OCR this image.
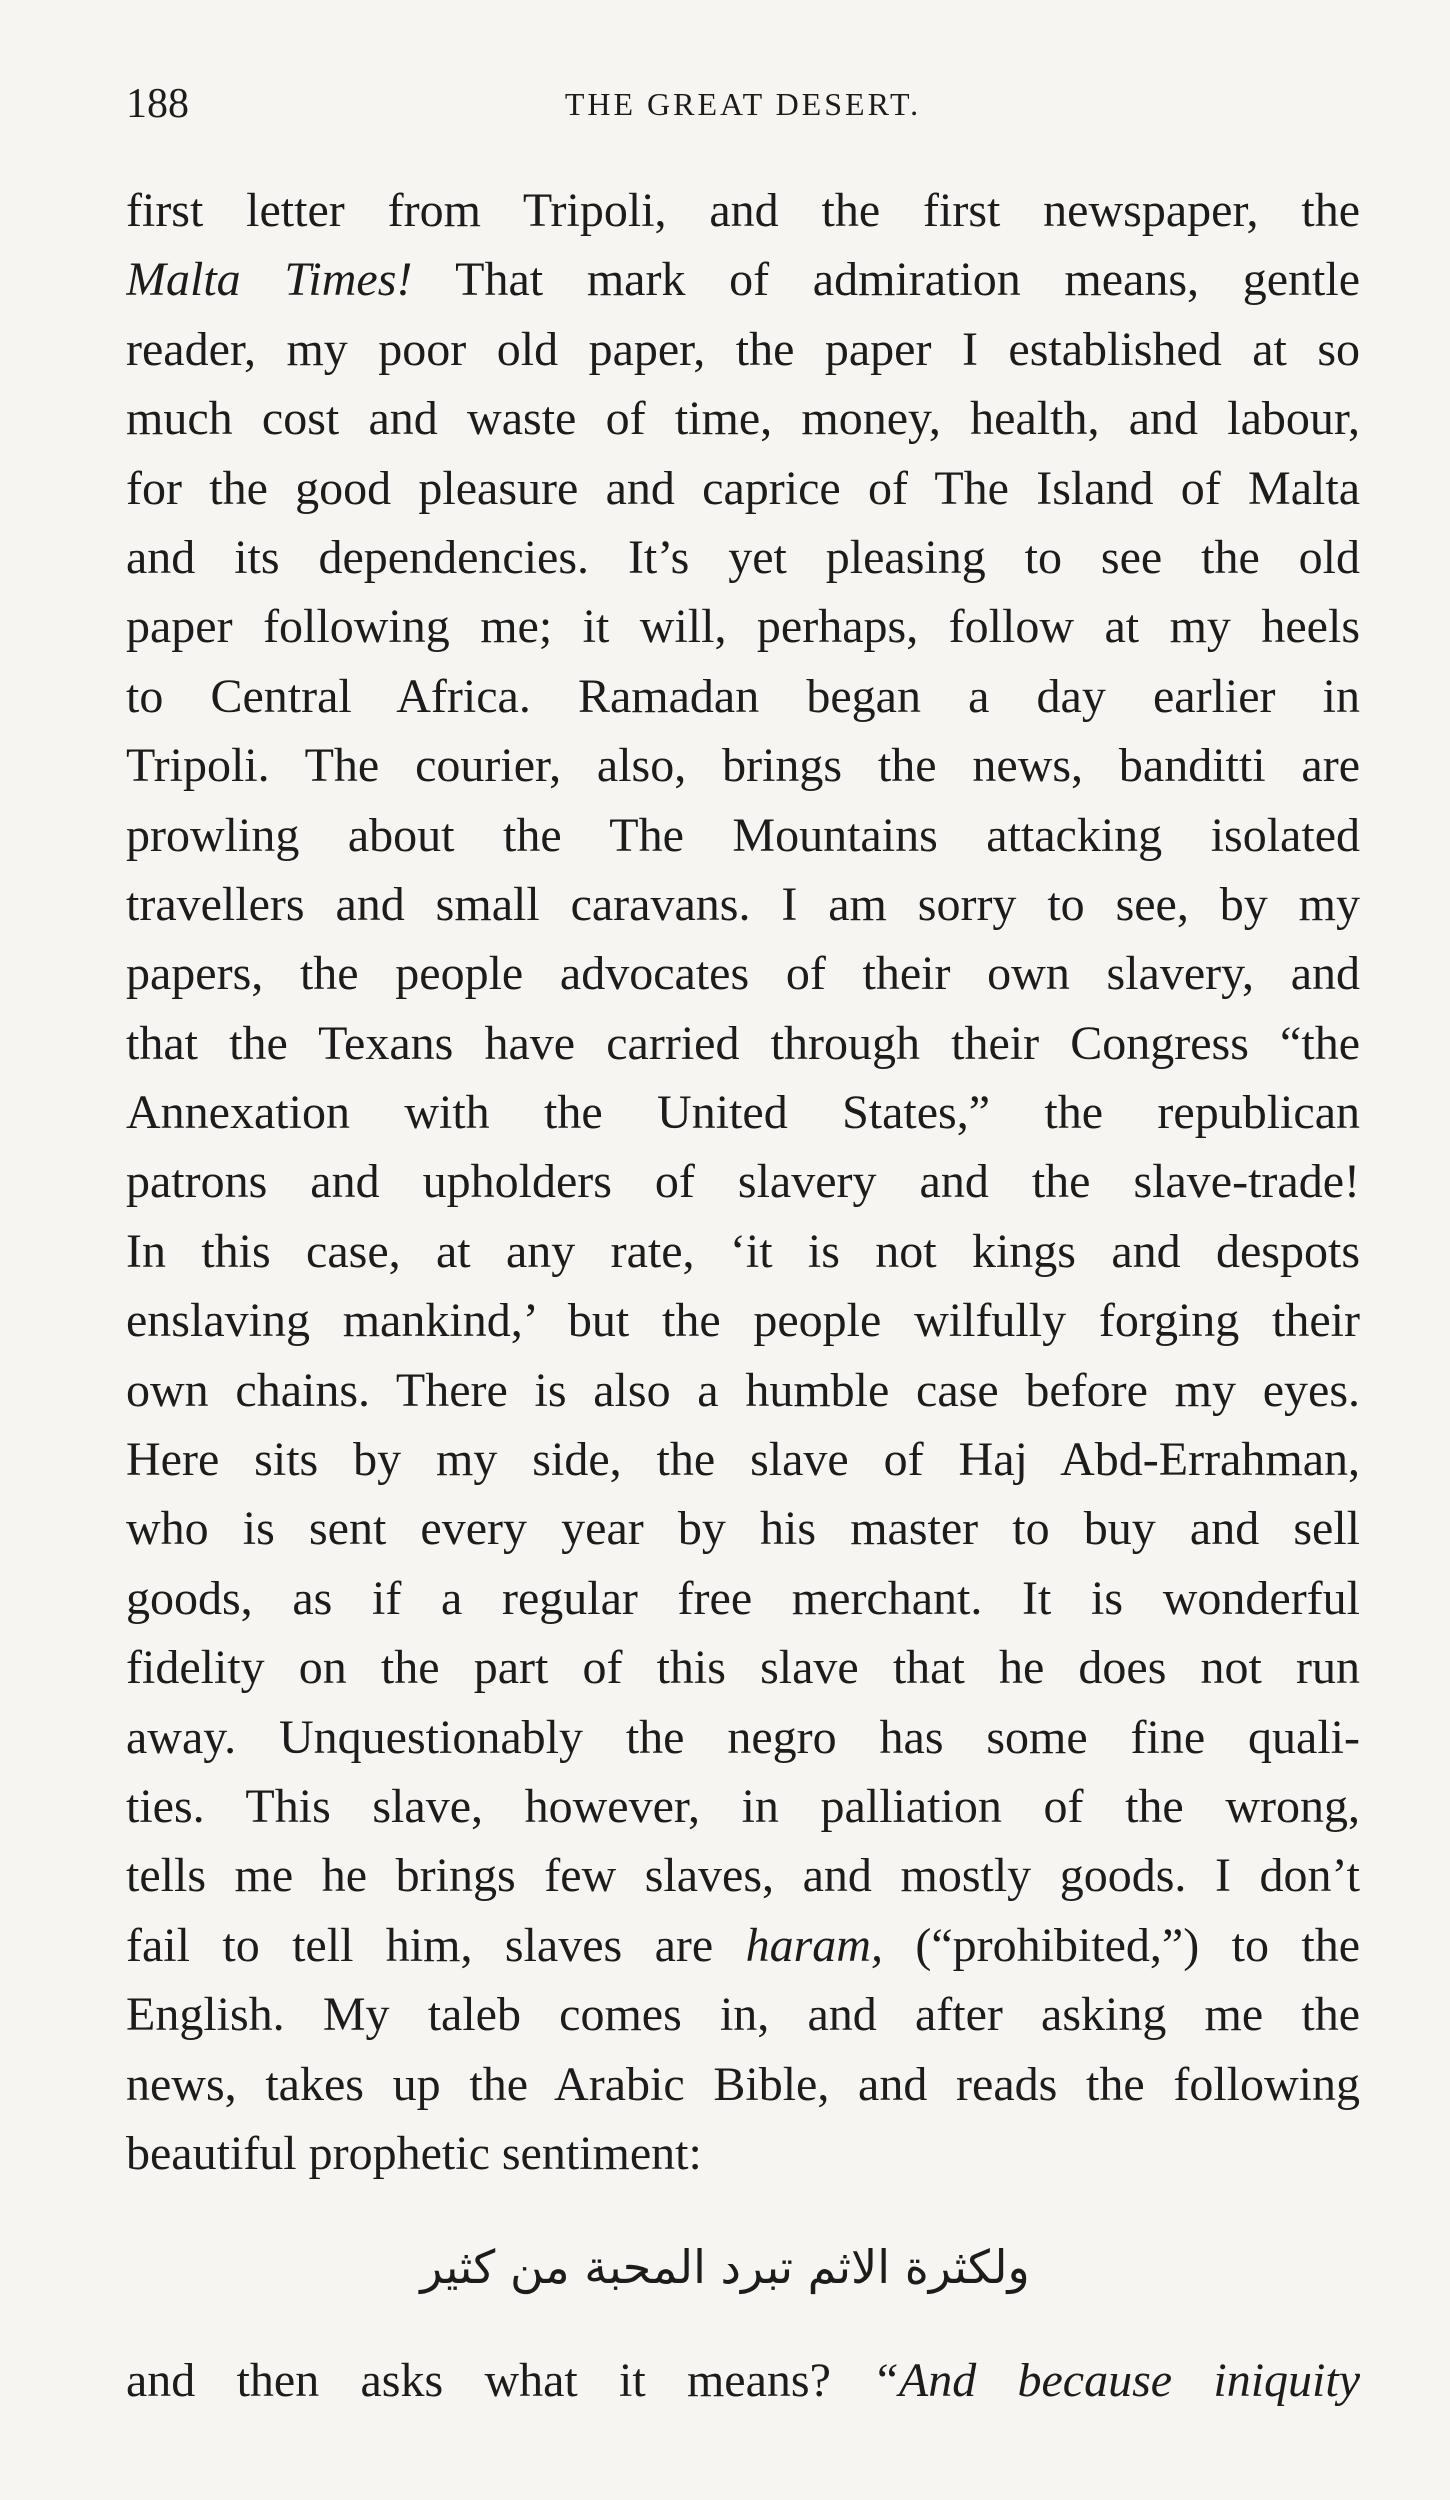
188	THE GREAT DESERT.
first letter from Tripoli, and the first newspaper, the
Malta Times! That mark of admiration means, gentle
reader, my poor old paper, the paper I established at so
much cost and waste of time, money, health, and labour,
for the good pleasure and caprice of The Island of Malta
and its dependencies. It’s yet pleasing to see the old
paper following me; it will, perhaps, follow at my heels
to Central Africa. Ramadan began a day earlier in
Tripoli. The courier, also, brings the news, banditti are
prowling about the The Mountains attacking isolated
travellers and small caravans. I am sorry to see, by my
papers, the people advocates of their own slavery, and
that the Texans have carried through their Congress “the
Annexation with the United States,” the republican
patrons and upholders of slavery and the slave-trade!
In this case, at any rate, ‘it is not kings and despots
enslaving mankind,’ but the people wilfully forging their
own chains. There is also a humble case before my eyes.
Here sits by my side, the slave of Haj Abd-Errahman,
who is sent every year by his master to buy and sell
goods, as if a regular free merchant. It is wonderful
fidelity on the part of this slave that he does not run
away. Unquestionably the negro has some fine quali-
ties. This slave, however, in palliation of the wrong,
tells me he brings few slaves, and mostly goods. I don’t
fail to tell him, slaves are haram, (“prohibited,”) to the
English. My taleb comes in, and after asking me the
news, takes up the Arabic Bible, and reads the following
beautiful prophetic sentiment:
ولكثرة الاثم تبرد المحبة من كثير
and then asks what it means? “And because iniquity
